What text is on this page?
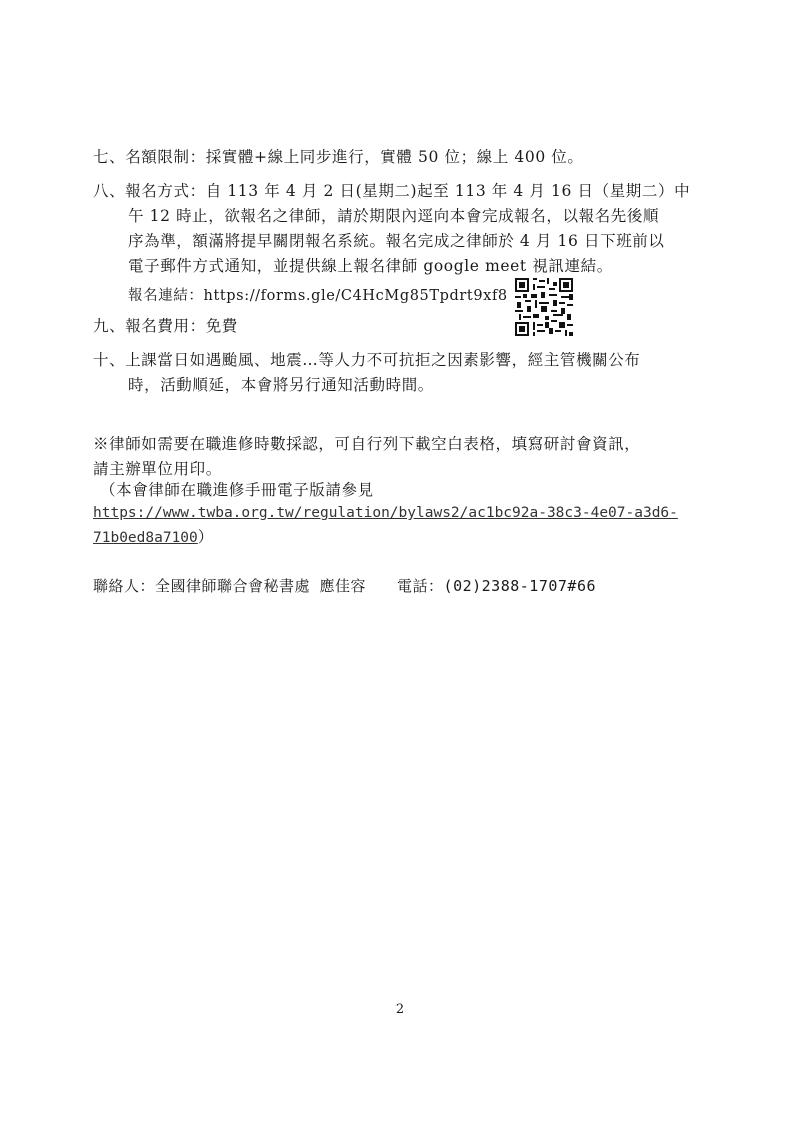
七、名額限制：採實體+線上同步進行，實體 50 位；線上 400 位。
八、報名方式：自 113 年 4 月 2 日(星期二)起至 113 年 4 月 16 日（星期二）中
午 12 時止，欲報名之律師，請於期限內逕向本會完成報名，以報名先後順
序為準，額滿將提早關閉報名系統。報名完成之律師於 4 月 16 日下班前以
電子郵件方式通知，並提供線上報名律師 google meet 視訊連結。
報名連結：https://forms.gle/C4HcMg85Tpdrt9xf8
九、報名費用：免費
十、上課當日如遇颱風、地震…等人力不可抗拒之因素影響，經主管機關公布
時，活動順延，本會將另行通知活動時間。
※律師如需要在職進修時數採認，可自行列下載空白表格，填寫研討會資訊，
請主辦單位用印。
（本會律師在職進修手冊電子版請參見
https://www.twba.org.tw/regulation/bylaws2/ac1bc92a-38c3-4e07-a3d6-
71b0ed8a7100）
聯絡人：全國律師聯合會秘書處 應佳容　　電話：(02)2388-1707#66
2
